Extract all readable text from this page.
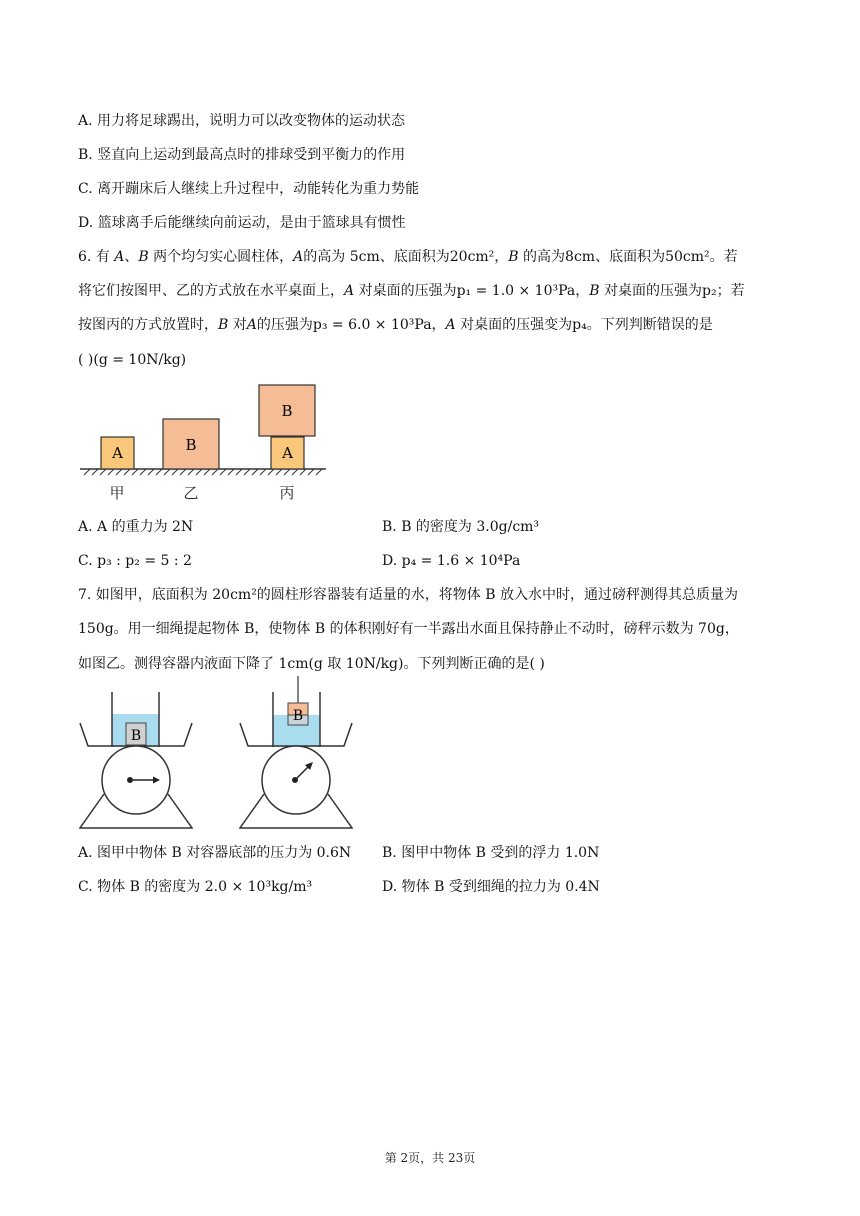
A. 用力将足球踢出，说明力可以改变物体的运动状态
B. 竖直向上运动到最高点时的排球受到平衡力的作用
C. 离开蹦床后人继续上升过程中，动能转化为重力势能
D. 篮球离手后能继续向前运动，是由于篮球具有惯性
6. 有 A、B 两个均匀实心圆柱体，A的高为 5cm、底面积为20cm²，B 的高为8cm、底面积为50cm²。若
将它们按图甲、乙的方式放在水平桌面上，A 对桌面的压强为p₁ = 1.0 × 10³Pa，B 对桌面的压强为p₂；若
按图丙的方式放置时，B 对A的压强为p₃ = 6.0 × 10³Pa，A 对桌面的压强变为p₄。下列判断错误的是
( )(g = 10N/kg)
A	B	A
B
甲	乙	丙
A. A 的重力为 2N	B. B 的密度为 3.0g/cm³
C. p₃ : p₂ = 5 : 2	D. p₄ = 1.6 × 10⁴Pa
7. 如图甲，底面积为 20cm²的圆柱形容器装有适量的水，将物体 B 放入水中时，通过磅秤测得其总质量为
150g。用一细绳提起物体 B，使物体 B 的体积刚好有一半露出水面且保持静止不动时，磅秤示数为 70g，
如图乙。测得容器内液面下降了 1cm(g 取 10N/kg)。下列判断正确的是( )
B
B
A. 图甲中物体 B 对容器底部的压力为 0.6N B. 图甲中物体 B 受到的浮力 1.0N
C. 物体 B 的密度为 2.0 × 10³kg/m³	D. 物体 B 受到细绳的拉力为 0.4N
第 2页，共 23页
